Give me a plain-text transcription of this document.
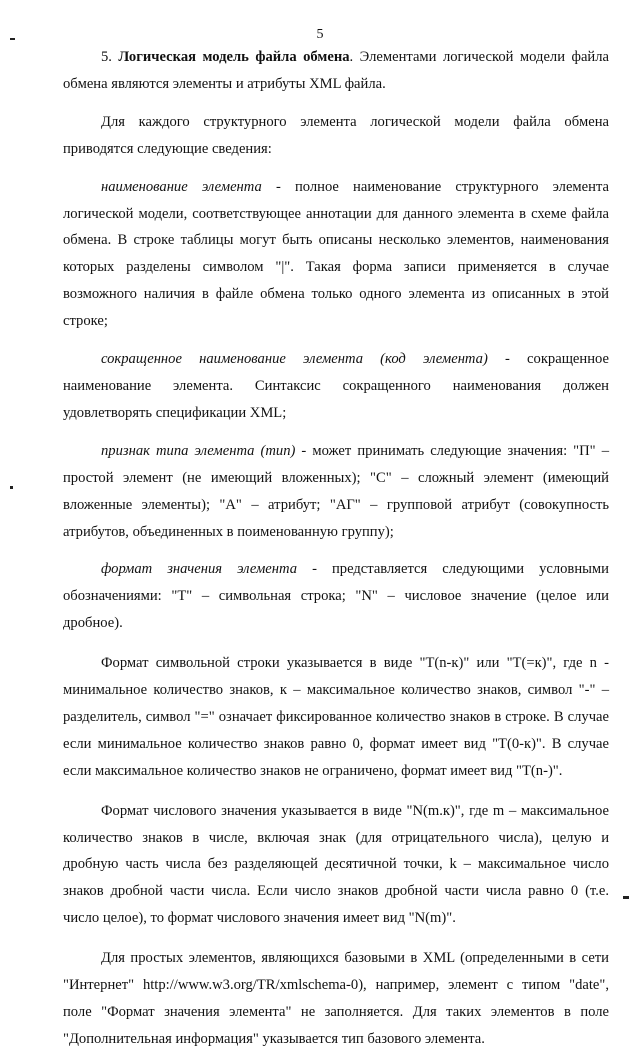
5

5. Логическая модель файла обмена. Элементами логической модели файла обмена являются элементы и атрибуты XML файла.

Для каждого структурного элемента логической модели файла обмена приводятся следующие сведения:

наименование элемента - полное наименование структурного элемента логической модели, соответствующее аннотации для данного элемента в схеме файла обмена. В строке таблицы могут быть описаны несколько элементов, наименования которых разделены символом "|". Такая форма записи применяется в случае возможного наличия в файле обмена только одного элемента из описанных в этой строке;

сокращенное наименование элемента (код элемента) - сокращенное наименование элемента. Синтаксис сокращенного наименования должен удовлетворять спецификации XML;

признак типа элемента (тип) - может принимать следующие значения: "П" – простой элемент (не имеющий вложенных); "С" – сложный элемент (имеющий вложенные элементы); "А" – атрибут; "АГ" – групповой атрибут (совокупность атрибутов, объединенных в поименованную группу);

формат значения элемента - представляется следующими условными обозначениями: "Т" – символьная строка; "N" – числовое значение (целое или дробное).

Формат символьной строки указывается в виде "Т(n-к)" или "Т(=к)", где n - минимальное количество знаков, к – максимальное количество знаков, символ "-" – разделитель, символ "=" означает фиксированное количество знаков в строке. В случае если минимальное количество знаков равно 0, формат имеет вид "Т(0-к)". В случае если максимальное количество знаков не ограничено, формат имеет вид "Т(n-)".

Формат числового значения указывается в виде "N(m.к)", где m – максимальное количество знаков в числе, включая знак (для отрицательного числа), целую и дробную часть числа без разделяющей десятичной точки, k – максимальное число знаков дробной части числа. Если число знаков дробной части числа равно 0 (т.е. число целое), то формат числового значения имеет вид "N(m)".

Для простых элементов, являющихся базовыми в XML (определенными в сети "Интернет" http://www.w3.org/TR/xmlschema-0), например, элемент с типом "date", поле "Формат значения элемента" не заполняется. Для таких элементов в поле "Дополнительная информация" указывается тип базового элемента.
